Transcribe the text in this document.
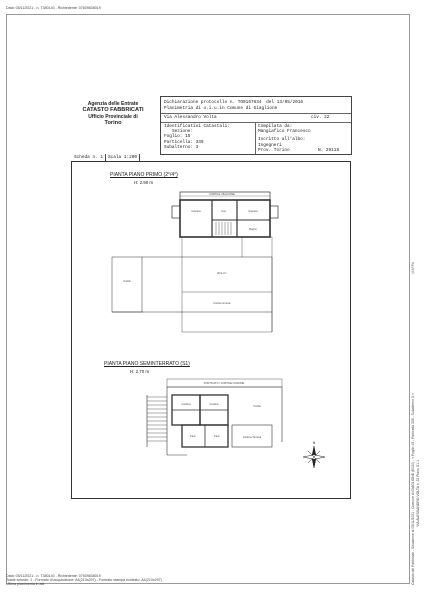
Data: 05/11/2021 - n. T380140 - Richiedente: 07609838019
Agenzia delle Entrate
CATASTO FABBRICATI
Ufficio Provinciale di
Torino
Dichiarazione protocollo n. TO0167634 del 13/05/2016
Planimetria di u.i.u.in Comune di Giaglione
Via Alessandro Volta	civ. 22
Identificativi Catastali:
Sezione:
Foglio: 15
Particella: 339
Subalterno: 3
Compilata da:
Mangiafico Francesco
Iscritto all'albo:
Ingegneri
Prov. Torino	N. 29118
Scheda n. 1 Scala 1:200
PIANTA PIANO PRIMO (2°/4°)
H: 2.90 m
CORTILE / BALCONE
Camera	Camera
Cuc.
Bagno
Altra U.I.
Cortile
Cortile comune
PIANTA PIANO SEMINTERRATO (S1)
H: 2.70 m
PORTICATO / CORTILE COMUNE
Cantina	Cantina
Cant.	Cant.	Cantina Terrena
Cortile
N	Catasto dei Fabbricati - Situazione al 05/11/2021 - Comune di GIAGLIONE (E020) - < Foglio 15 - Particella 339 - Subalterno 3 > VIA ALESSANDRO VOLTA n. 22 Piano S1-1
MAPPA
Data: 05/11/2021 - n. T380140 - Richiedente: 07609838019
Totale schede: 1 - Formato di acquisizione: A4(210x297) - Formato stampa richiesto: A4(210x297)
Ultima planimetria in atti
